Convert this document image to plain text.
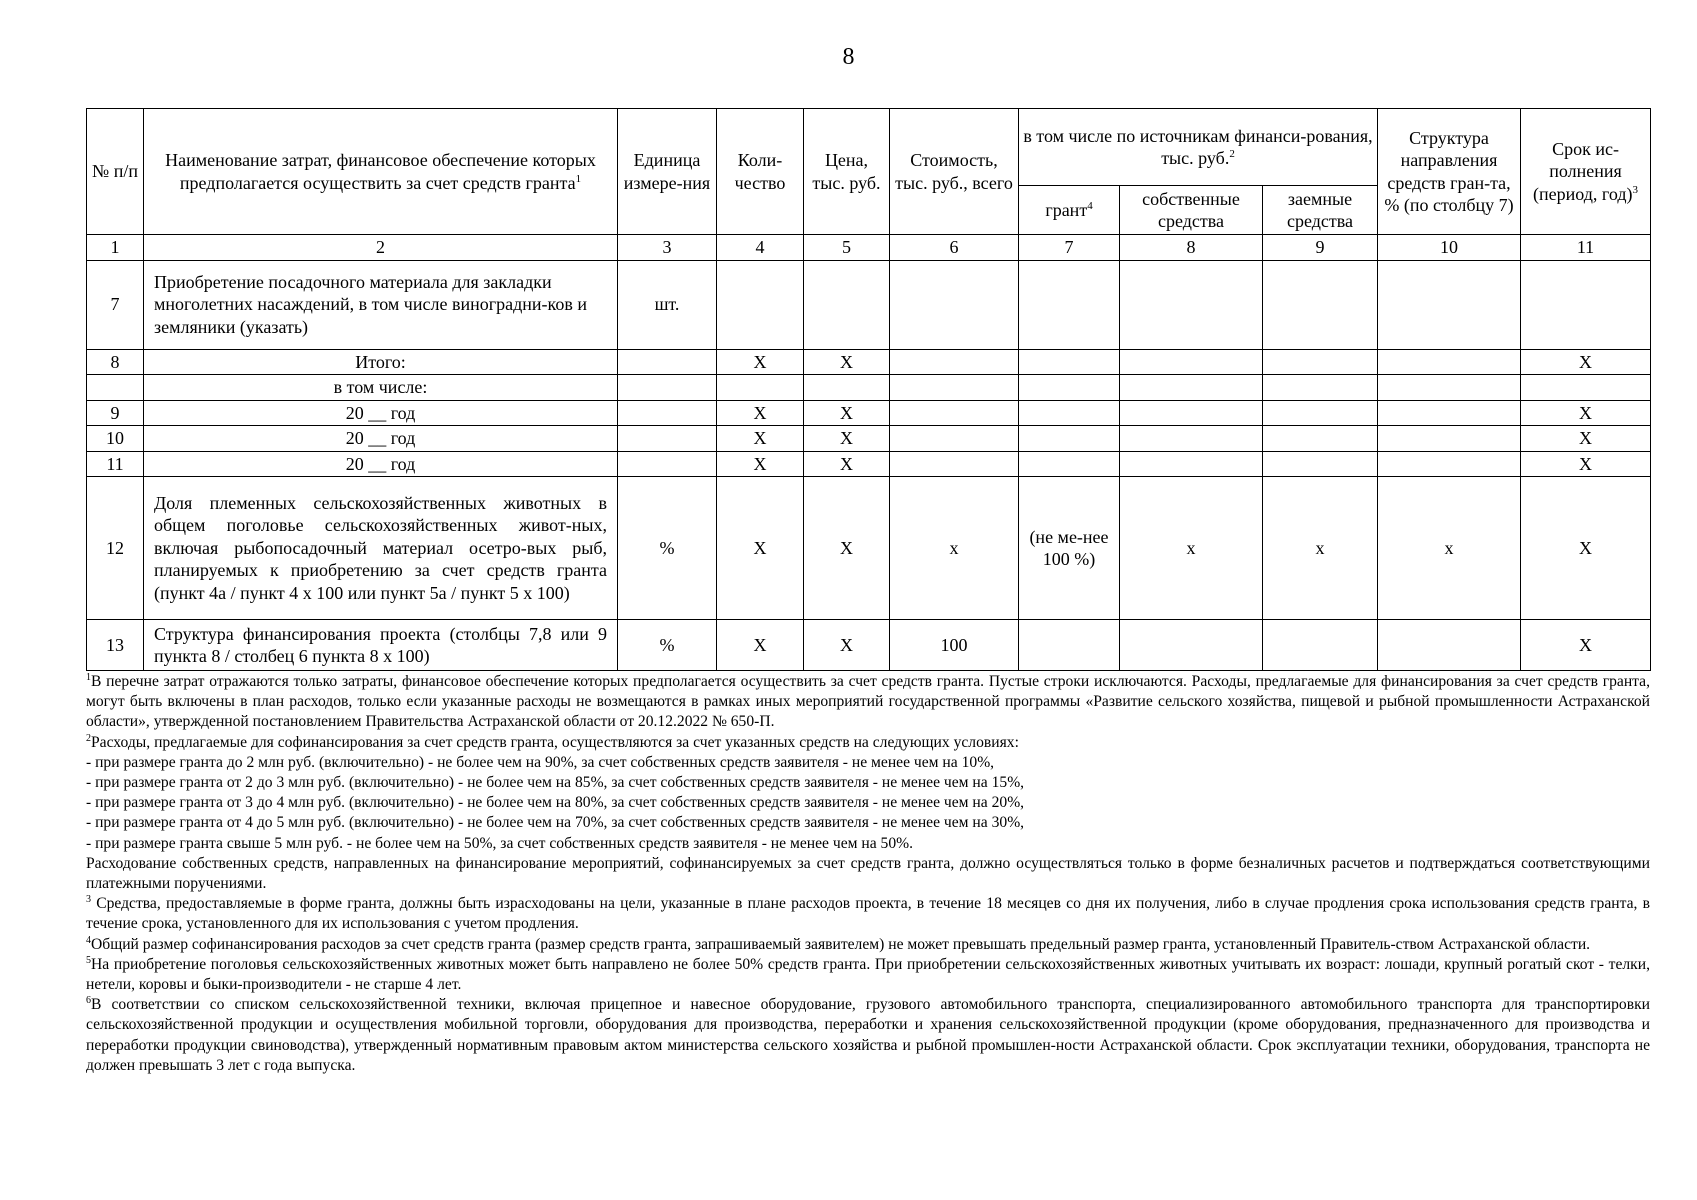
8
№ п/п	Наименование затрат, финансовое обеспечение которых предполагается осуществить за счет средств гранта$^1$	Единица измере-ния	Коли-чество	Цена, тыс. руб.	Стоимость, тыс. руб., всего	в том числе по источникам финанси-рования, тыс. руб.$^2$			Структура направления средств гран-та, % (по столбцу 7)	Срок ис-полнения (период, год)$^3$
						грант$^4$	собственные средства	заемные средства		
1	2	3	4	5	6	7	8	9	10	11
7	Приобретение посадочного материала для закладки многолетних насаждений, в том числе виноградни-ков и земляники (указать)	шт.								
8	Итого:		Х	Х						Х
	в том числе:									
9	20 __ год		Х	Х						Х
10	20 __ год		Х	Х						Х
11	20 __ год		Х	Х						Х
12	Доля племенных сельскохозяйственных животных в общем поголовье сельскохозяйственных живот-ных, включая рыбопосадочный материал осетро-вых рыб, планируемых к приобретению за счет средств гранта (пункт 4а / пункт 4 х 100 или пункт 5а / пункт 5 х 100)	%	Х	Х	х	(не ме-нее 100 %)	х	х	х	Х
13	Структура финансирования проекта (столбцы 7,8 или 9 пункта 8 / столбец 6 пункта 8 х 100)	%	Х	Х	100					Х

$^1$В перечне затрат отражаются только затраты, финансовое обеспечение которых предполагается осуществить за счет средств гранта. Пустые строки исключаются. Расходы, предлагаемые для финансирования за счет средств гранта, могут быть включены в план расходов, только если указанные расходы не возмещаются в рамках иных мероприятий государственной программы «Развитие сельского хозяйства, пищевой и рыбной промышленности Астраханской области», утвержденной постановлением Правительства Астраханской области от 20.12.2022 № 650-П.

$^2$Расходы, предлагаемые для софинансирования за счет средств гранта, осуществляются за счет указанных средств на следующих условиях:

- при размере гранта до 2 млн руб. (включительно) - не более чем на 90%, за счет собственных средств заявителя - не менее чем на 10%,

- при размере гранта от 2 до 3 млн руб. (включительно) - не более чем на 85%, за счет собственных средств заявителя - не менее чем на 15%,

- при размере гранта от 3 до 4 млн руб. (включительно) - не более чем на 80%, за счет собственных средств заявителя - не менее чем на 20%,

- при размере гранта от 4 до 5 млн руб. (включительно) - не более чем на 70%, за счет собственных средств заявителя - не менее чем на 30%,

- при размере гранта свыше 5 млн руб. - не более чем на 50%, за счет собственных средств заявителя - не менее чем на 50%.

Расходование собственных средств, направленных на финансирование мероприятий, софинансируемых за счет средств гранта, должно осуществляться только в форме безналичных расчетов и подтверждаться соответствующими платежными поручениями.

$^3$ Средства, предоставляемые в форме гранта, должны быть израсходованы на цели, указанные в плане расходов проекта, в течение 18 месяцев со дня их получения, либо в случае продления срока использования средств гранта, в течение срока, установленного для их использования с учетом продления.

$^4$Общий размер софинансирования расходов за счет средств гранта (размер средств гранта, запрашиваемый заявителем) не может превышать предельный размер гранта, установленный Правитель-ством Астраханской области.

$^5$На приобретение поголовья сельскохозяйственных животных может быть направлено не более 50% средств гранта. При приобретении сельскохозяйственных животных учитывать их возраст: лошади, крупный рогатый скот - телки, нетели, коровы и быки-производители - не старше 4 лет.

$^6$В соответствии со списком сельскохозяйственной техники, включая прицепное и навесное оборудование, грузового автомобильного транспорта, специализированного автомобильного транспорта для транспортировки сельскохозяйственной продукции и осуществления мобильной торговли, оборудования для производства, переработки и хранения сельскохозяйственной продукции (кроме оборудования, предназначенного для производства и переработки продукции свиноводства), утвержденный нормативным правовым актом министерства сельского хозяйства и рыбной промышлен-ности Астраханской области. Срок эксплуатации техники, оборудования, транспорта не должен превышать 3 лет с года выпуска.
